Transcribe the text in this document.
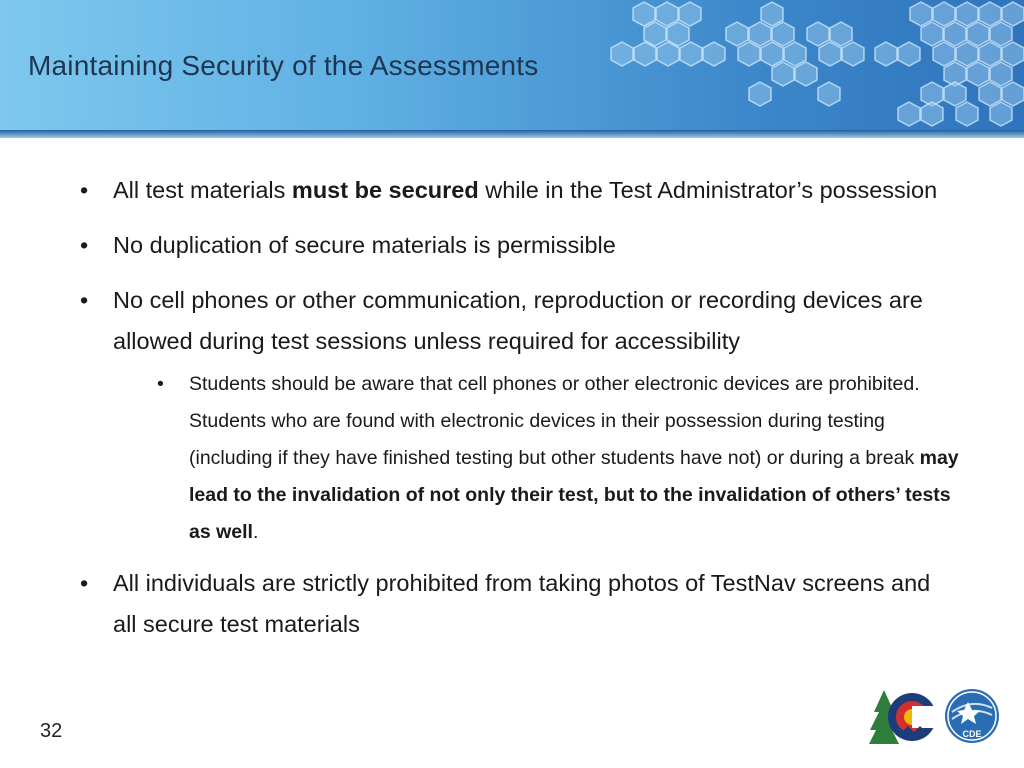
Maintaining Security of the Assessments
• All test materials must be secured while in the Test Administrator’s possession
• No duplication of secure materials is permissible
• No cell phones or other communication, reproduction or recording devices are allowed during test sessions unless required for accessibility
• Students should be aware that cell phones or other electronic devices are prohibited. Students who are found with electronic devices in their possession during testing (including if they have finished testing but other students have not) or during a break may lead to the invalidation of not only their test, but to the invalidation of others’ tests as well.
• All individuals are strictly prohibited from taking photos of TestNav screens and all secure test materials
32	CDE
